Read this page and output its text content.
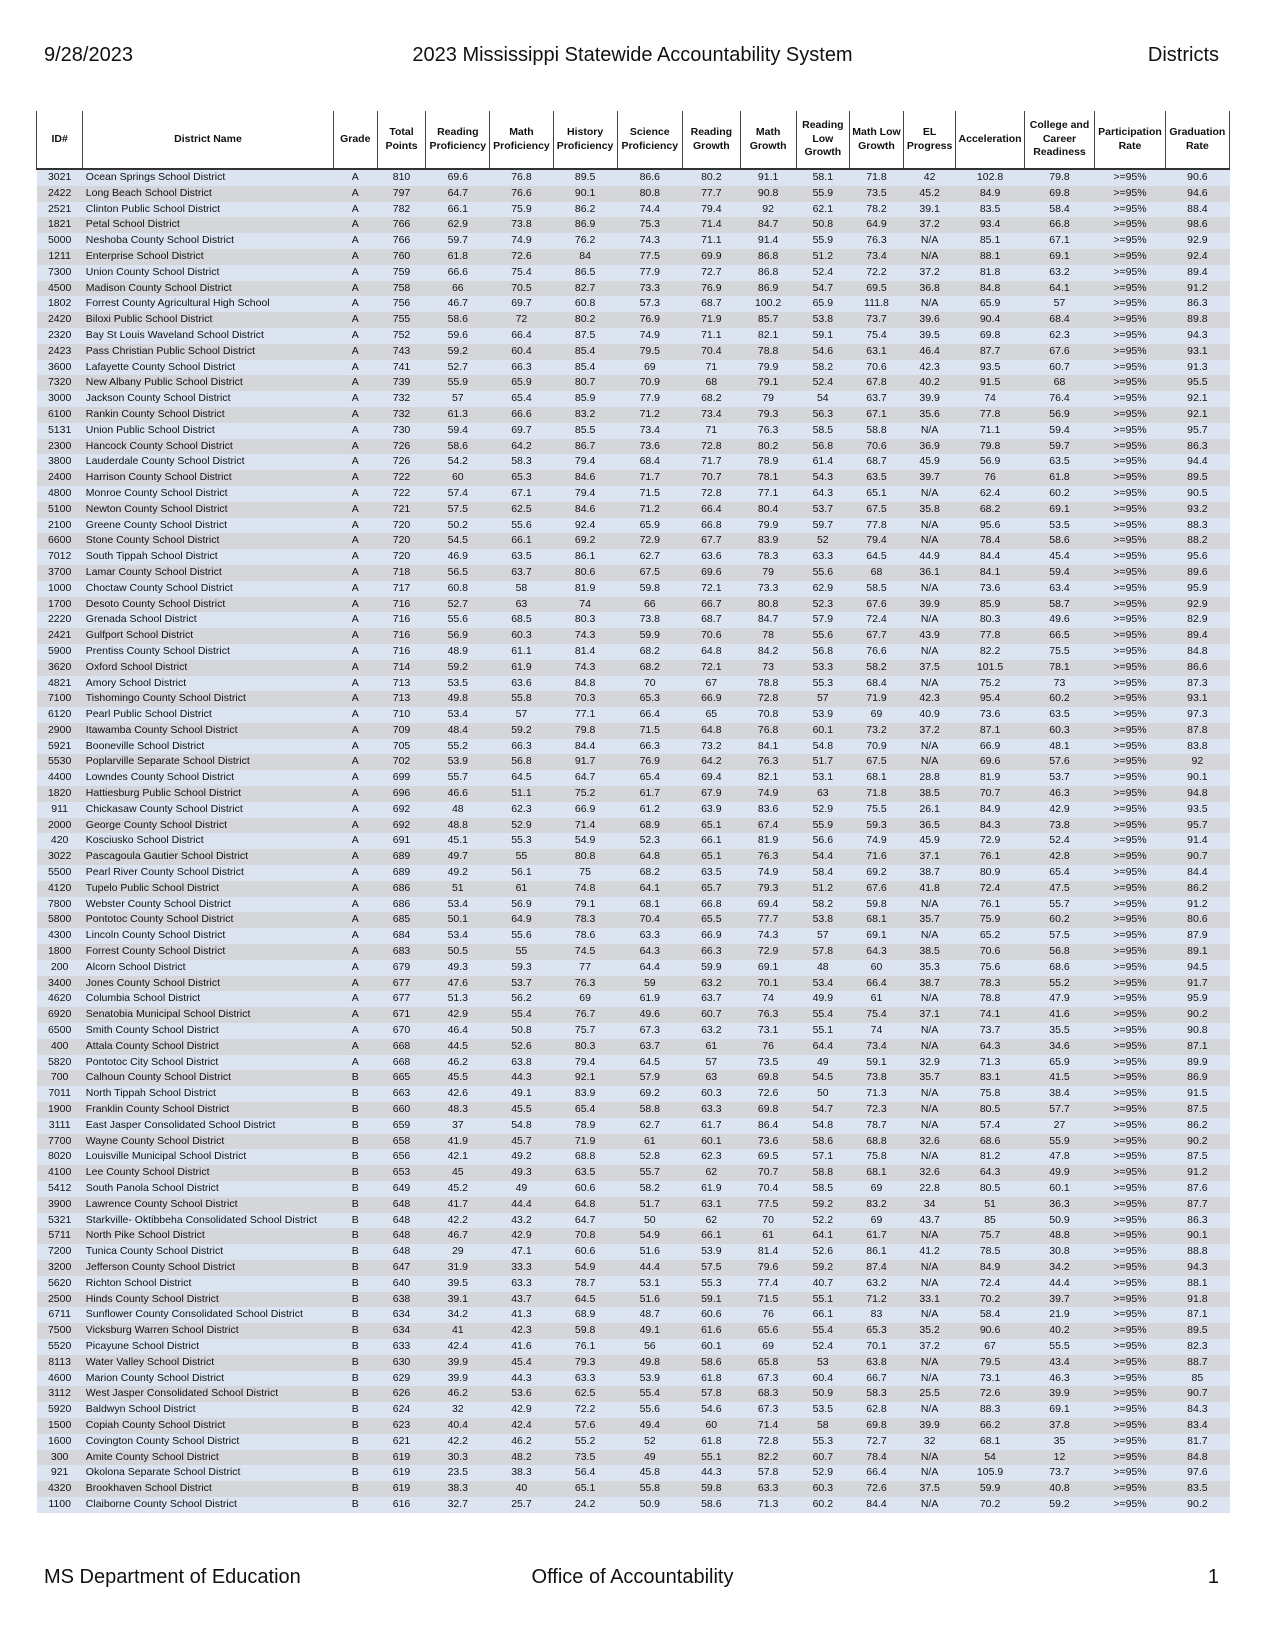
9/28/2023	2023 Mississippi Statewide Accountability System	Districts
ID#	District Name	Grade	Total Points	Reading Proficiency	Math Proficiency	History Proficiency	Science Proficiency	Reading Growth	Math Growth	Reading Low Growth	Math Low Growth	EL Progress	Acceleration	College and Career Readiness	Participation Rate	Graduation Rate
3021	Ocean Springs School District	A	810	69.6	76.8	89.5	86.6	80.2	91.1	58.1	71.8	42	102.8	79.8	>=95%	90.6
2422	Long Beach School District	A	797	64.7	76.6	90.1	80.8	77.7	90.8	55.9	73.5	45.2	84.9	69.8	>=95%	94.6
2521	Clinton Public School District	A	782	66.1	75.9	86.2	74.4	79.4	92	62.1	78.2	39.1	83.5	58.4	>=95%	88.4
1821	Petal School District	A	766	62.9	73.8	86.9	75.3	71.4	84.7	50.8	64.9	37.2	93.4	66.8	>=95%	98.6
5000	Neshoba County School District	A	766	59.7	74.9	76.2	74.3	71.1	91.4	55.9	76.3	N/A	85.1	67.1	>=95%	92.9
1211	Enterprise School District	A	760	61.8	72.6	84	77.5	69.9	86.8	51.2	73.4	N/A	88.1	69.1	>=95%	92.4
7300	Union County School District	A	759	66.6	75.4	86.5	77.9	72.7	86.8	52.4	72.2	37.2	81.8	63.2	>=95%	89.4
4500	Madison County School District	A	758	66	70.5	82.7	73.3	76.9	86.9	54.7	69.5	36.8	84.8	64.1	>=95%	91.2
1802	Forrest County Agricultural High School	A	756	46.7	69.7	60.8	57.3	68.7	100.2	65.9	111.8	N/A	65.9	57	>=95%	86.3
2420	Biloxi Public School District	A	755	58.6	72	80.2	76.9	71.9	85.7	53.8	73.7	39.6	90.4	68.4	>=95%	89.8
2320	Bay St Louis Waveland School District	A	752	59.6	66.4	87.5	74.9	71.1	82.1	59.1	75.4	39.5	69.8	62.3	>=95%	94.3
2423	Pass Christian Public School District	A	743	59.2	60.4	85.4	79.5	70.4	78.8	54.6	63.1	46.4	87.7	67.6	>=95%	93.1
3600	Lafayette County School District	A	741	52.7	66.3	85.4	69	71	79.9	58.2	70.6	42.3	93.5	60.7	>=95%	91.3
7320	New Albany Public School District	A	739	55.9	65.9	80.7	70.9	68	79.1	52.4	67.8	40.2	91.5	68	>=95%	95.5
3000	Jackson County School District	A	732	57	65.4	85.9	77.9	68.2	79	54	63.7	39.9	74	76.4	>=95%	92.1
6100	Rankin County School District	A	732	61.3	66.6	83.2	71.2	73.4	79.3	56.3	67.1	35.6	77.8	56.9	>=95%	92.1
5131	Union Public School District	A	730	59.4	69.7	85.5	73.4	71	76.3	58.5	58.8	N/A	71.1	59.4	>=95%	95.7
2300	Hancock County School District	A	726	58.6	64.2	86.7	73.6	72.8	80.2	56.8	70.6	36.9	79.8	59.7	>=95%	86.3
3800	Lauderdale County School District	A	726	54.2	58.3	79.4	68.4	71.7	78.9	61.4	68.7	45.9	56.9	63.5	>=95%	94.4
2400	Harrison County School District	A	722	60	65.3	84.6	71.7	70.7	78.1	54.3	63.5	39.7	76	61.8	>=95%	89.5
4800	Monroe County School District	A	722	57.4	67.1	79.4	71.5	72.8	77.1	64.3	65.1	N/A	62.4	60.2	>=95%	90.5
5100	Newton County School District	A	721	57.5	62.5	84.6	71.2	66.4	80.4	53.7	67.5	35.8	68.2	69.1	>=95%	93.2
2100	Greene County School District	A	720	50.2	55.6	92.4	65.9	66.8	79.9	59.7	77.8	N/A	95.6	53.5	>=95%	88.3
6600	Stone County School District	A	720	54.5	66.1	69.2	72.9	67.7	83.9	52	79.4	N/A	78.4	58.6	>=95%	88.2
7012	South Tippah School District	A	720	46.9	63.5	86.1	62.7	63.6	78.3	63.3	64.5	44.9	84.4	45.4	>=95%	95.6
3700	Lamar County School District	A	718	56.5	63.7	80.6	67.5	69.6	79	55.6	68	36.1	84.1	59.4	>=95%	89.6
1000	Choctaw County School District	A	717	60.8	58	81.9	59.8	72.1	73.3	62.9	58.5	N/A	73.6	63.4	>=95%	95.9
1700	Desoto County School District	A	716	52.7	63	74	66	66.7	80.8	52.3	67.6	39.9	85.9	58.7	>=95%	92.9
2220	Grenada School District	A	716	55.6	68.5	80.3	73.8	68.7	84.7	57.9	72.4	N/A	80.3	49.6	>=95%	82.9
2421	Gulfport School District	A	716	56.9	60.3	74.3	59.9	70.6	78	55.6	67.7	43.9	77.8	66.5	>=95%	89.4
5900	Prentiss County School District	A	716	48.9	61.1	81.4	68.2	64.8	84.2	56.8	76.6	N/A	82.2	75.5	>=95%	84.8
3620	Oxford School District	A	714	59.2	61.9	74.3	68.2	72.1	73	53.3	58.2	37.5	101.5	78.1	>=95%	86.6
4821	Amory School District	A	713	53.5	63.6	84.8	70	67	78.8	55.3	68.4	N/A	75.2	73	>=95%	87.3
7100	Tishomingo County School District	A	713	49.8	55.8	70.3	65.3	66.9	72.8	57	71.9	42.3	95.4	60.2	>=95%	93.1
6120	Pearl Public School District	A	710	53.4	57	77.1	66.4	65	70.8	53.9	69	40.9	73.6	63.5	>=95%	97.3
2900	Itawamba County School District	A	709	48.4	59.2	79.8	71.5	64.8	76.8	60.1	73.2	37.2	87.1	60.3	>=95%	87.8
5921	Booneville School District	A	705	55.2	66.3	84.4	66.3	73.2	84.1	54.8	70.9	N/A	66.9	48.1	>=95%	83.8
5530	Poplarville Separate School District	A	702	53.9	56.8	91.7	76.9	64.2	76.3	51.7	67.5	N/A	69.6	57.6	>=95%	92
4400	Lowndes County School District	A	699	55.7	64.5	64.7	65.4	69.4	82.1	53.1	68.1	28.8	81.9	53.7	>=95%	90.1
1820	Hattiesburg Public School District	A	696	46.6	51.1	75.2	61.7	67.9	74.9	63	71.8	38.5	70.7	46.3	>=95%	94.8
911	Chickasaw County School District	A	692	48	62.3	66.9	61.2	63.9	83.6	52.9	75.5	26.1	84.9	42.9	>=95%	93.5
2000	George County School District	A	692	48.8	52.9	71.4	68.9	65.1	67.4	55.9	59.3	36.5	84.3	73.8	>=95%	95.7
420	Kosciusko School District	A	691	45.1	55.3	54.9	52.3	66.1	81.9	56.6	74.9	45.9	72.9	52.4	>=95%	91.4
3022	Pascagoula Gautier School District	A	689	49.7	55	80.8	64.8	65.1	76.3	54.4	71.6	37.1	76.1	42.8	>=95%	90.7
5500	Pearl River County School District	A	689	49.2	56.1	75	68.2	63.5	74.9	58.4	69.2	38.7	80.9	65.4	>=95%	84.4
4120	Tupelo Public School District	A	686	51	61	74.8	64.1	65.7	79.3	51.2	67.6	41.8	72.4	47.5	>=95%	86.2
7800	Webster County School District	A	686	53.4	56.9	79.1	68.1	66.8	69.4	58.2	59.8	N/A	76.1	55.7	>=95%	91.2
5800	Pontotoc County School District	A	685	50.1	64.9	78.3	70.4	65.5	77.7	53.8	68.1	35.7	75.9	60.2	>=95%	80.6
4300	Lincoln County School District	A	684	53.4	55.6	78.6	63.3	66.9	74.3	57	69.1	N/A	65.2	57.5	>=95%	87.9
1800	Forrest County School District	A	683	50.5	55	74.5	64.3	66.3	72.9	57.8	64.3	38.5	70.6	56.8	>=95%	89.1
200	Alcorn School District	A	679	49.3	59.3	77	64.4	59.9	69.1	48	60	35.3	75.6	68.6	>=95%	94.5
3400	Jones County School District	A	677	47.6	53.7	76.3	59	63.2	70.1	53.4	66.4	38.7	78.3	55.2	>=95%	91.7
4620	Columbia School District	A	677	51.3	56.2	69	61.9	63.7	74	49.9	61	N/A	78.8	47.9	>=95%	95.9
6920	Senatobia Municipal School District	A	671	42.9	55.4	76.7	49.6	60.7	76.3	55.4	75.4	37.1	74.1	41.6	>=95%	90.2
6500	Smith County School District	A	670	46.4	50.8	75.7	67.3	63.2	73.1	55.1	74	N/A	73.7	35.5	>=95%	90.8
400	Attala County School District	A	668	44.5	52.6	80.3	63.7	61	76	64.4	73.4	N/A	64.3	34.6	>=95%	87.1
5820	Pontotoc City School District	A	668	46.2	63.8	79.4	64.5	57	73.5	49	59.1	32.9	71.3	65.9	>=95%	89.9
700	Calhoun County School District	B	665	45.5	44.3	92.1	57.9	63	69.8	54.5	73.8	35.7	83.1	41.5	>=95%	86.9
7011	North Tippah School District	B	663	42.6	49.1	83.9	69.2	60.3	72.6	50	71.3	N/A	75.8	38.4	>=95%	91.5
1900	Franklin County School District	B	660	48.3	45.5	65.4	58.8	63.3	69.8	54.7	72.3	N/A	80.5	57.7	>=95%	87.5
3111	East Jasper Consolidated School District	B	659	37	54.8	78.9	62.7	61.7	86.4	54.8	78.7	N/A	57.4	27	>=95%	86.2
7700	Wayne County School District	B	658	41.9	45.7	71.9	61	60.1	73.6	58.6	68.8	32.6	68.6	55.9	>=95%	90.2
8020	Louisville Municipal School District	B	656	42.1	49.2	68.8	52.8	62.3	69.5	57.1	75.8	N/A	81.2	47.8	>=95%	87.5
4100	Lee County School District	B	653	45	49.3	63.5	55.7	62	70.7	58.8	68.1	32.6	64.3	49.9	>=95%	91.2
5412	South Panola School District	B	649	45.2	49	60.6	58.2	61.9	70.4	58.5	69	22.8	80.5	60.1	>=95%	87.6
3900	Lawrence County School District	B	648	41.7	44.4	64.8	51.7	63.1	77.5	59.2	83.2	34	51	36.3	>=95%	87.7
5321	Starkville- Oktibbeha Consolidated School District	B	648	42.2	43.2	64.7	50	62	70	52.2	69	43.7	85	50.9	>=95%	86.3
5711	North Pike School District	B	648	46.7	42.9	70.8	54.9	66.1	61	64.1	61.7	N/A	75.7	48.8	>=95%	90.1
7200	Tunica County School District	B	648	29	47.1	60.6	51.6	53.9	81.4	52.6	86.1	41.2	78.5	30.8	>=95%	88.8
3200	Jefferson County School District	B	647	31.9	33.3	54.9	44.4	57.5	79.6	59.2	87.4	N/A	84.9	34.2	>=95%	94.3
5620	Richton School District	B	640	39.5	63.3	78.7	53.1	55.3	77.4	40.7	63.2	N/A	72.4	44.4	>=95%	88.1
2500	Hinds County School District	B	638	39.1	43.7	64.5	51.6	59.1	71.5	55.1	71.2	33.1	70.2	39.7	>=95%	91.8
6711	Sunflower County Consolidated School District	B	634	34.2	41.3	68.9	48.7	60.6	76	66.1	83	N/A	58.4	21.9	>=95%	87.1
7500	Vicksburg Warren School District	B	634	41	42.3	59.8	49.1	61.6	65.6	55.4	65.3	35.2	90.6	40.2	>=95%	89.5
5520	Picayune School District	B	633	42.4	41.6	76.1	56	60.1	69	52.4	70.1	37.2	67	55.5	>=95%	82.3
8113	Water Valley School District	B	630	39.9	45.4	79.3	49.8	58.6	65.8	53	63.8	N/A	79.5	43.4	>=95%	88.7
4600	Marion County School District	B	629	39.9	44.3	63.3	53.9	61.8	67.3	60.4	66.7	N/A	73.1	46.3	>=95%	85
3112	West Jasper Consolidated School District	B	626	46.2	53.6	62.5	55.4	57.8	68.3	50.9	58.3	25.5	72.6	39.9	>=95%	90.7
5920	Baldwyn School District	B	624	32	42.9	72.2	55.6	54.6	67.3	53.5	62.8	N/A	88.3	69.1	>=95%	84.3
1500	Copiah County School District	B	623	40.4	42.4	57.6	49.4	60	71.4	58	69.8	39.9	66.2	37.8	>=95%	83.4
1600	Covington County School District	B	621	42.2	46.2	55.2	52	61.8	72.8	55.3	72.7	32	68.1	35	>=95%	81.7
300	Amite County School District	B	619	30.3	48.2	73.5	49	55.1	82.2	60.7	78.4	N/A	54	12	>=95%	84.8
921	Okolona Separate School District	B	619	23.5	38.3	56.4	45.8	44.3	57.8	52.9	66.4	N/A	105.9	73.7	>=95%	97.6
4320	Brookhaven School District	B	619	38.3	40	65.1	55.8	59.8	63.3	60.3	72.6	37.5	59.9	40.8	>=95%	83.5
1100	Claiborne County School District	B	616	32.7	25.7	24.2	50.9	58.6	71.3	60.2	84.4	N/A	70.2	59.2	>=95%	90.2
MS Department of Education	Office of Accountability	1
